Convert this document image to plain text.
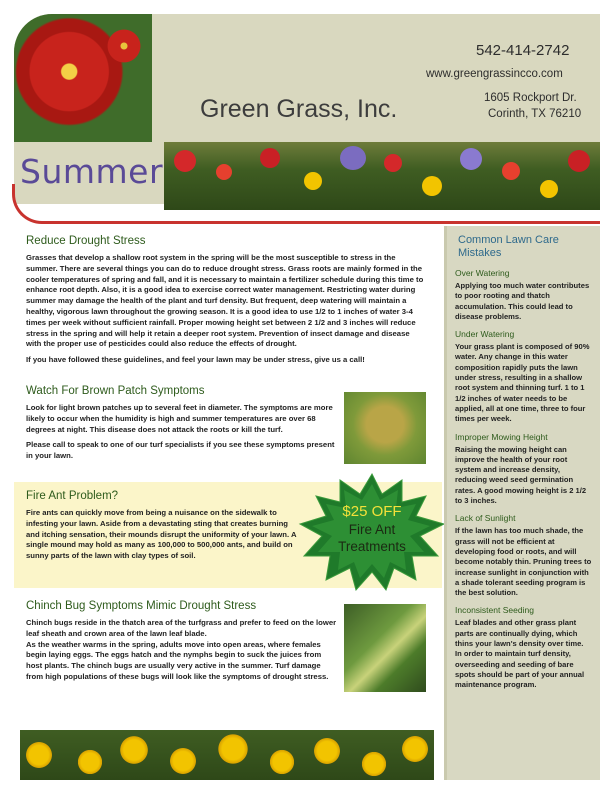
Summer
Green Grass, Inc.
542-414-2742
www.greengrassincco.com
1605 Rockport Dr.
Corinth, TX 76210
Reduce Drought Stress

Grasses that develop a shallow root system in the spring will be the most susceptible to stress in the summer. There are several things you can do to reduce drought stress. Grass roots are mainly formed in the cooler temperatures of spring and fall, and it is necessary to maintain a fertilizer schedule during this time to enhance root depth. Also, it is a good idea to exercise correct water management. Restricting water during summer may damage the health of the plant and turf density. But frequent, deep watering will maintain a healthy, vigorous lawn throughout the growing season. It is a good idea to use 1/2 to 1 inches of water 3-4 times per week without sufficient rainfall. Proper mowing height set between 2 1/2 and 3 inches will reduce stress in the spring and will help it retain a deeper root system. Prevention of insect damage and disease with the proper use of pesticides could also reduce the effects of drought.

If you have followed these guidelines, and feel your lawn may be under stress, give us a call!

Watch For Brown Patch Symptoms

Look for light brown patches up to several feet in diameter. The symptoms are more likely to occur when the humidity is high and summer temperatures are over 68 degrees at night. This disease does not attack the roots or kill the turf.

Please call to speak to one of our turf specialists if you see these symptoms present in your lawn.

Fire Ant Problem?

Fire ants can quickly move from being a nuisance on the sidewalk to infesting your lawn. Aside from a devastating sting that creates burning and itching sensation, their mounds disrupt the uniformity of your lawn. A single mound may hold as many as 100,000 to 500,000 ants, and build on sunny parts of the lawn with clay types of soil.

$25 OFF
Fire Ant
Treatments
Chinch Bug Symptoms Mimic Drought Stress

Chinch bugs reside in the thatch area of the turfgrass and prefer to feed on the lower leaf sheath and crown area of the lawn leaf blade.

As the weather warms in the spring, adults move into open areas, where females begin laying eggs. The eggs hatch and the nymphs begin to suck the juices from host plants. The chinch bugs are usually very active in the summer. Turf damage from high populations of these bugs will look like the symptoms of drought stress.

Common Lawn Care Mistakes
Over Watering

Applying too much water contributes to poor rooting and thatch accumulation. This could lead to disease problems.

Under Watering

Your grass plant is composed of 90% water. Any change in this water composition rapidly puts the lawn under stress, resulting in a shallow root system and thinning turf. 1 to 1 1/2 inches of water needs to be applied, all at one time, three to four times per week.

Improper Mowing Height

Raising the mowing height can improve the health of your root system and increase density, reducing weed seed germination rates. A good mowing height is 2 1/2 to 3 inches.

Lack of Sunlight

If the lawn has too much shade, the grass will not be efficient at developing food or roots, and will become notably thin. Pruning trees to increase sunlight in conjunction with a shade tolerant seeding program is the best solution.

Inconsistent Seeding

Leaf blades and other grass plant parts are continually dying, which thins your lawn's density over time. In order to maintain turf density, overseeding and seeding of bare spots should be part of your annual maintenance program.
